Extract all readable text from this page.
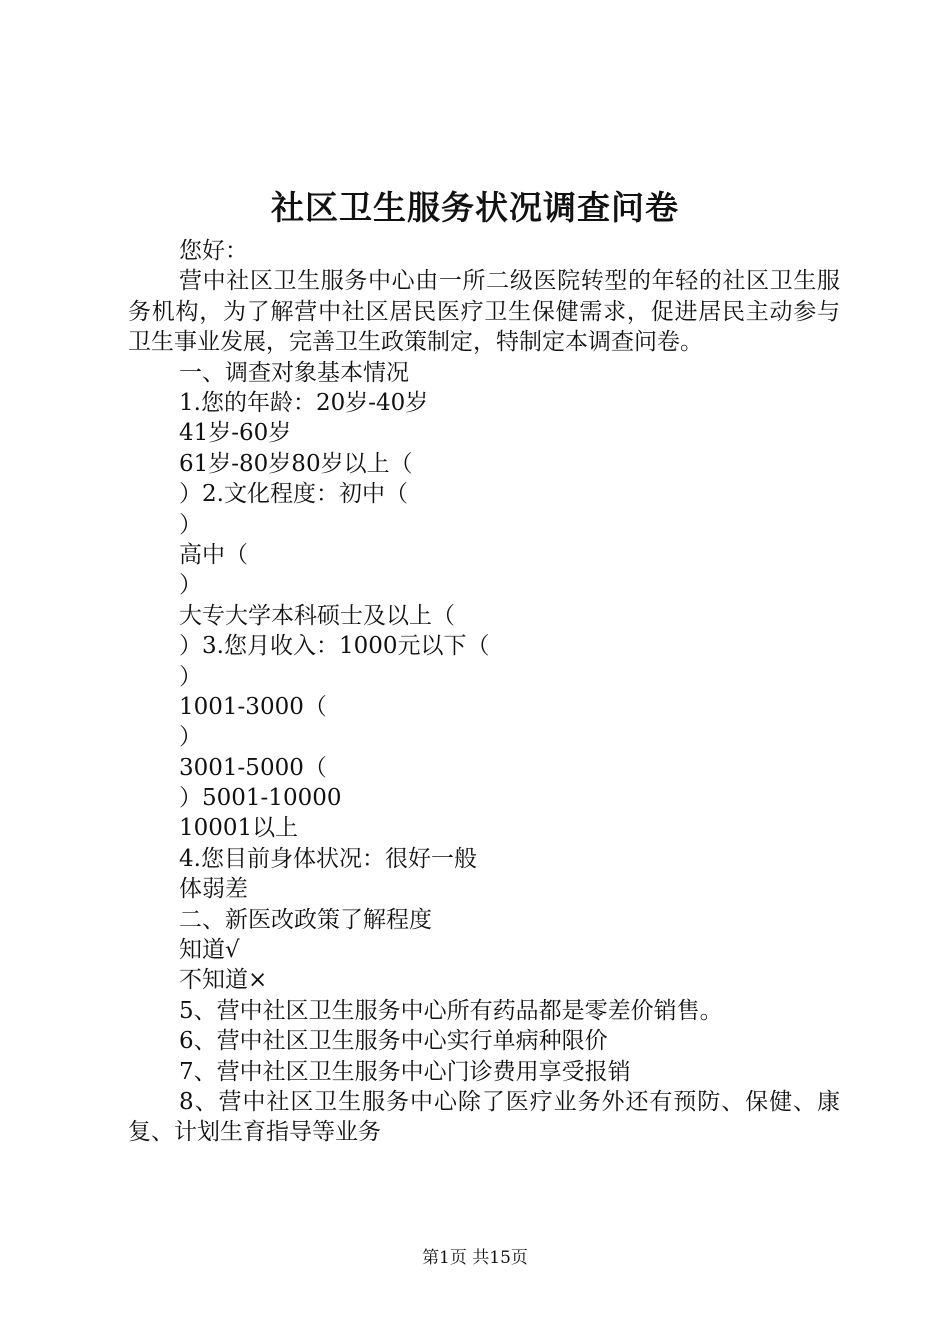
社区卫生服务状况调查问卷
您好：
营中社区卫生服务中心由一所二级医院转型的年轻的社区卫生服务机构，为了解营中社区居民医疗卫生保健需求，促进居民主动参与卫生事业发展，完善卫生政策制定，特制定本调查问卷。
一、调查对象基本情况
1.您的年龄：20岁-40岁
41岁-60岁
61岁-80岁80岁以上（
）2.文化程度：初中（
）
高中（
）
大专大学本科硕士及以上（
）3.您月收入：1000元以下（
）
1001-3000（
）
3001-5000（
）5001-10000
10001以上
4.您目前身体状况：很好一般
体弱差
二、新医改政策了解程度
知道√
不知道×
5、营中社区卫生服务中心所有药品都是零差价销售。
6、营中社区卫生服务中心实行单病种限价
7、营中社区卫生服务中心门诊费用享受报销
8、营中社区卫生服务中心除了医疗业务外还有预防、保健、康复、计划生育指导等业务
第1页 共15页
